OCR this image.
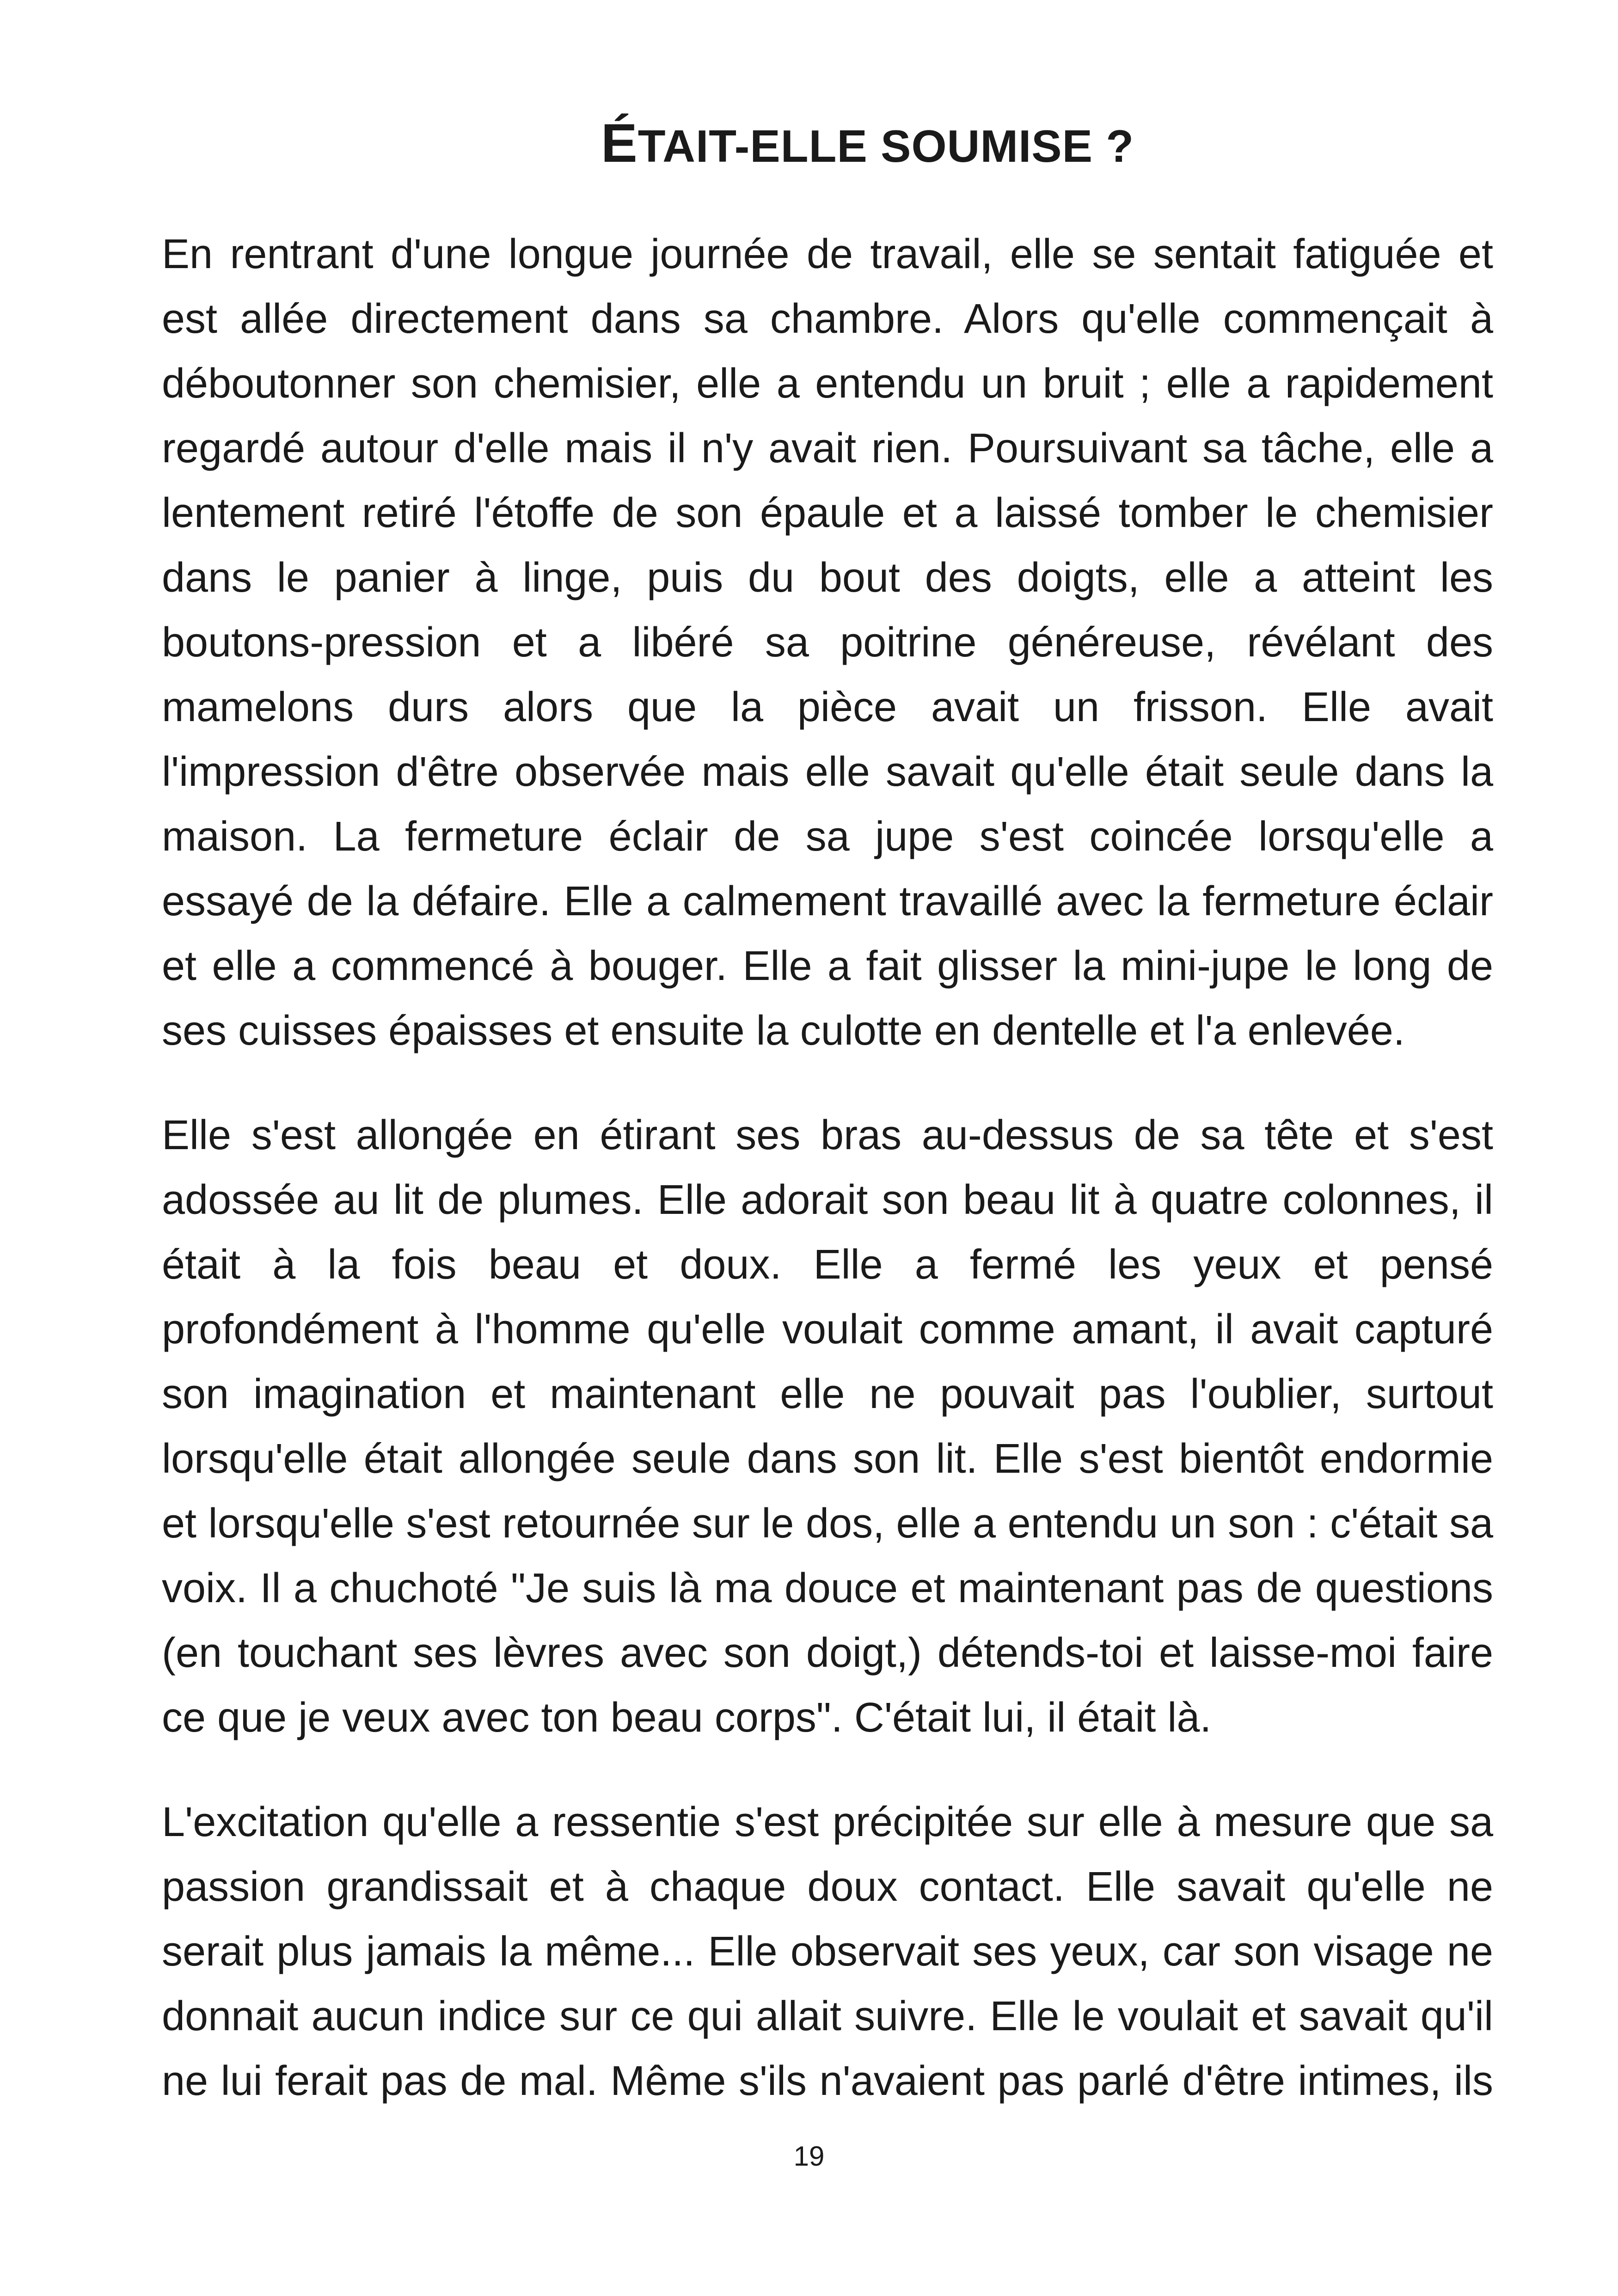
ÉTAIT-ELLE SOUMISE ?

En rentrant d'une longue journée de travail, elle se sentait fatiguée et est allée directement dans sa chambre. Alors qu'elle commençait à déboutonner son chemisier, elle a entendu un bruit ; elle a rapidement regardé autour d'elle mais il n'y avait rien. Poursuivant sa tâche, elle a lentement retiré l'étoffe de son épaule et a laissé tomber le chemisier dans le panier à linge, puis du bout des doigts, elle a atteint les boutons-pression et a libéré sa poitrine généreuse, révélant des mamelons durs alors que la pièce avait un frisson. Elle avait l'impression d'être observée mais elle savait qu'elle était seule dans la maison. La fermeture éclair de sa jupe s'est coincée lorsqu'elle a essayé de la défaire. Elle a calmement travaillé avec la fermeture éclair et elle a commencé à bouger. Elle a fait glisser la mini-jupe le long de ses cuisses épaisses et ensuite la culotte en dentelle et l'a enlevée.

Elle s'est allongée en étirant ses bras au-dessus de sa tête et s'est adossée au lit de plumes. Elle adorait son beau lit à quatre colonnes, il était à la fois beau et doux. Elle a fermé les yeux et pensé profondément à l'homme qu'elle voulait comme amant, il avait capturé son imagination et maintenant elle ne pouvait pas l'oublier, surtout lorsqu'elle était allongée seule dans son lit. Elle s'est bientôt endormie et lorsqu'elle s'est retournée sur le dos, elle a entendu un son : c'était sa voix. Il a chuchoté "Je suis là ma douce et maintenant pas de questions (en touchant ses lèvres avec son doigt,) détends-toi et laisse-moi faire ce que je veux avec ton beau corps". C'était lui, il était là.

L'excitation qu'elle a ressentie s'est précipitée sur elle à mesure que sa passion grandissait et à chaque doux contact. Elle savait qu'elle ne serait plus jamais la même... Elle observait ses yeux, car son visage ne donnait aucun indice sur ce qui allait suivre. Elle le voulait et savait qu'il ne lui ferait pas de mal. Même s'ils n'avaient pas parlé d'être intimes, ils

19
